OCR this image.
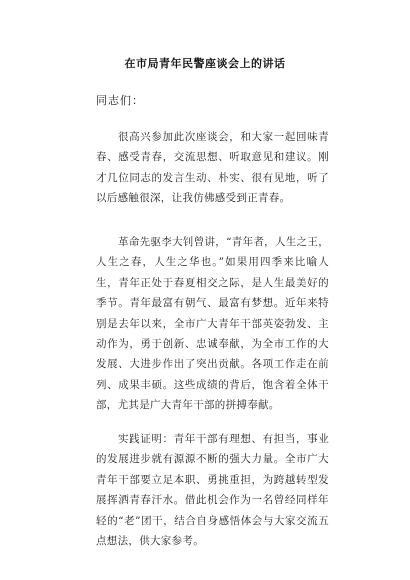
在市局青年民警座谈会上的讲话
同志们：

很高兴参加此次座谈会，和大家一起回味青春、感受青春，交流思想、听取意见和建议。刚才几位同志的发言生动、朴实、很有见地，听了以后感触很深，让我仿佛感受到正青春。

革命先驱李大钊曾讲，“青年者，人生之王，人生之春，人生之华也。”如果用四季来比喻人生，青年正处于春夏相交之际，是人生最美好的季节。青年最富有朝气、最富有梦想。近年来特别是去年以来，全市广大青年干部英姿勃发、主动作为，勇于创新、忠诚奉献，为全市工作的大发展、大进步作出了突出贡献。各项工作走在前列、成果丰硕。这些成绩的背后，饱含着全体干部，尤其是广大青年干部的拼搏奉献。

实践证明：青年干部有理想、有担当，事业的发展进步就有源源不断的强大力量。全市广大青年干部要立足本职、勇挑重担，为跨越转型发展挥洒青春汗水。借此机会作为一名曾经同样年轻的“老”团干，结合自身感悟体会与大家交流五点想法，供大家参考。
